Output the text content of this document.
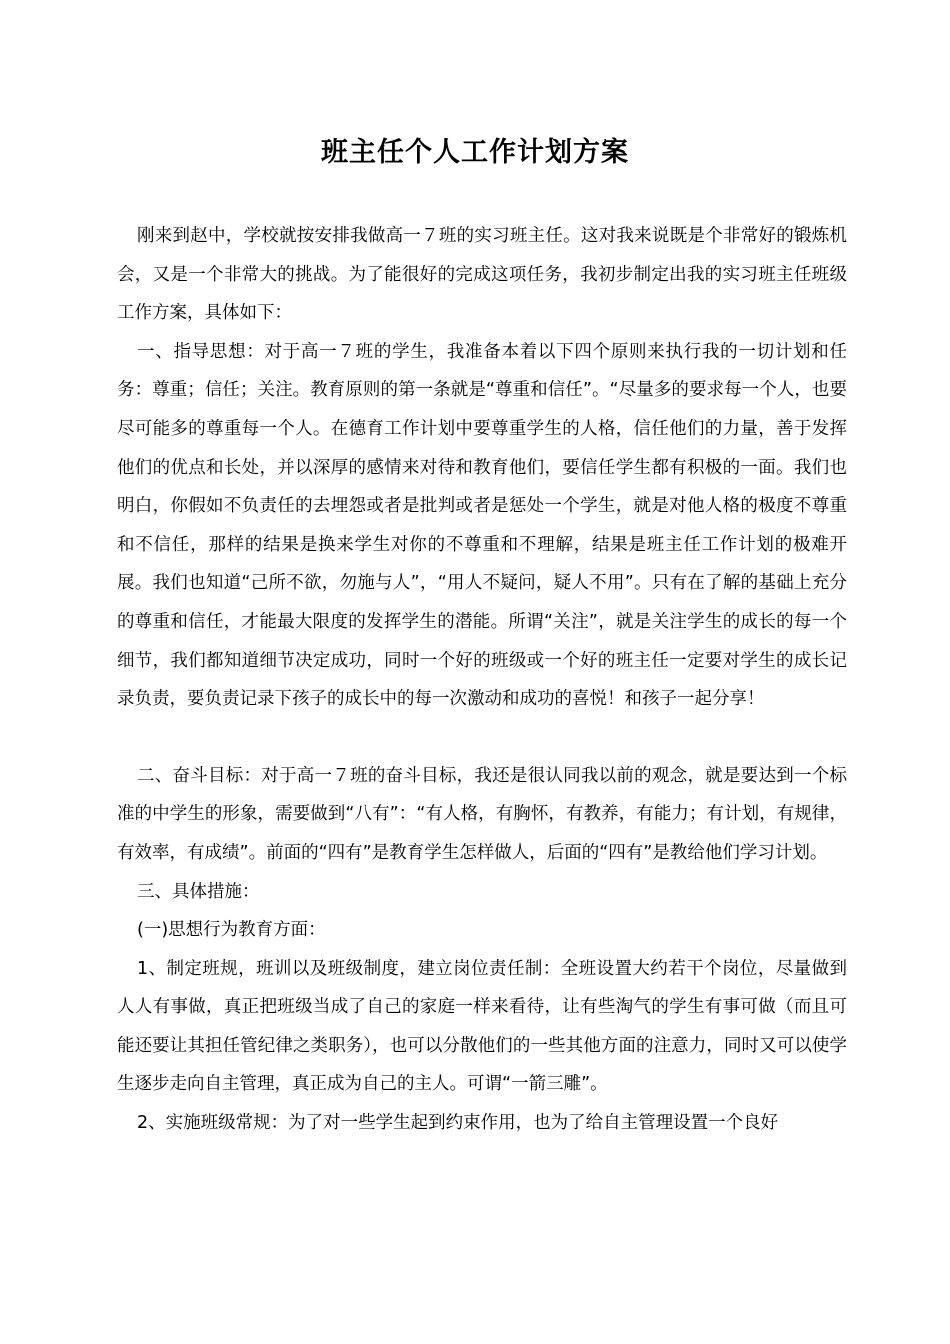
班主任个人工作计划方案

刚来到赵中，学校就按安排我做高一７班的实习班主任。这对我来说既是个非常好的锻炼机会，又是一个非常大的挑战。为了能很好的完成这项任务，我初步制定出我的实习班主任班级工作方案，具体如下：

一、指导思想：对于高一７班的学生，我准备本着以下四个原则来执行我的一切计划和任务：尊重；信任；关注。教育原则的第一条就是“尊重和信任”。“尽量多的要求每一个人，也要尽可能多的尊重每一个人。在德育工作计划中要尊重学生的人格，信任他们的力量，善于发挥他们的优点和长处，并以深厚的感情来对待和教育他们，要信任学生都有积极的一面。我们也明白，你假如不负责任的去埋怨或者是批判或者是惩处一个学生，就是对他人格的极度不尊重和不信任，那样的结果是换来学生对你的不尊重和不理解，结果是班主任工作计划的极难开展。我们也知道“己所不欲，勿施与人”，“用人不疑问，疑人不用”。只有在了解的基础上充分的尊重和信任，才能最大限度的发挥学生的潜能。所谓“关注”，就是关注学生的成长的每一个细节，我们都知道细节决定成功，同时一个好的班级或一个好的班主任一定要对学生的成长记录负责，要负责记录下孩子的成长中的每一次激动和成功的喜悦！和孩子一起分享！

二、奋斗目标：对于高一７班的奋斗目标，我还是很认同我以前的观念，就是要达到一个标准的中学生的形象，需要做到“八有”：“有人格，有胸怀，有教养，有能力；有计划，有规律，有效率，有成绩”。前面的“四有”是教育学生怎样做人，后面的“四有”是教给他们学习计划。

三、具体措施：

(一)思想行为教育方面：

1、制定班规，班训以及班级制度，建立岗位责任制：全班设置大约若干个岗位，尽量做到人人有事做，真正把班级当成了自己的家庭一样来看待，让有些淘气的学生有事可做（而且可能还要让其担任管纪律之类职务），也可以分散他们的一些其他方面的注意力，同时又可以使学生逐步走向自主管理，真正成为自己的主人。可谓“一箭三雕”。

2、实施班级常规：为了对一些学生起到约束作用，也为了给自主管理设置一个良好
